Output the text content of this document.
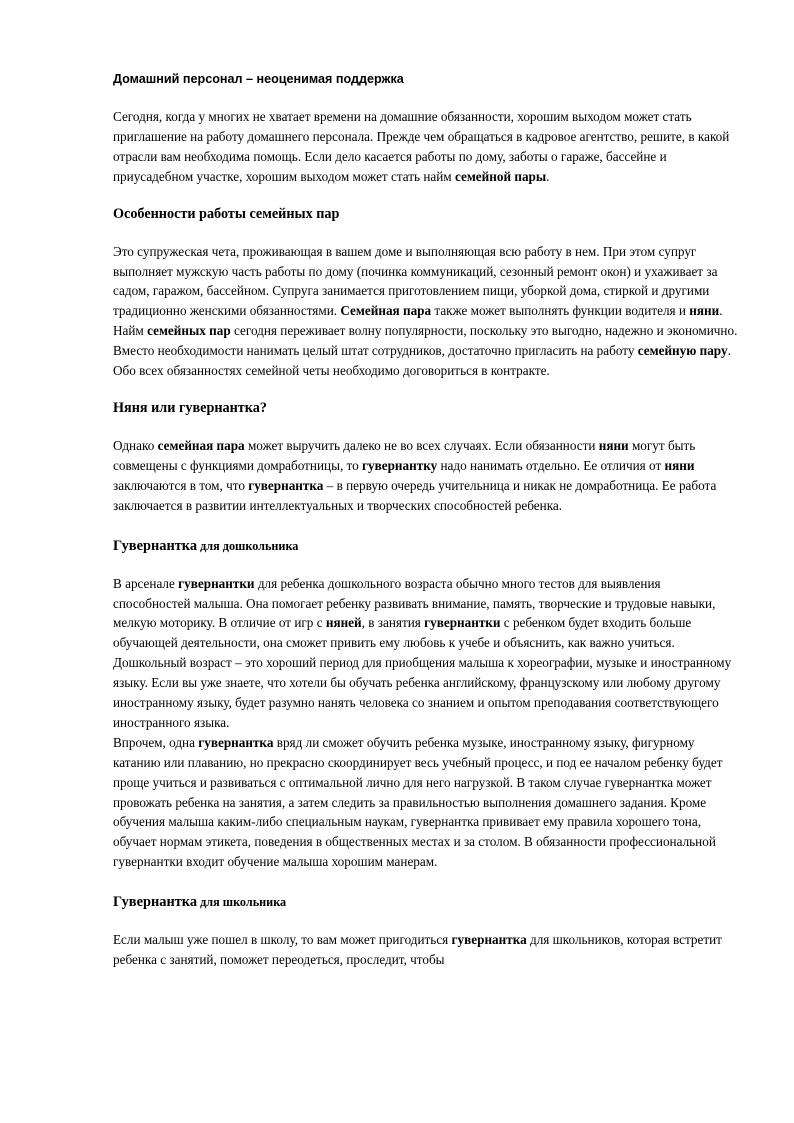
Домашний персонал – неоценимая поддержка

Сегодня, когда у многих не хватает времени на домашние обязанности, хорошим выходом может стать приглашение на работу домашнего персонала. Прежде чем обращаться в кадровое агентство, решите, в какой отрасли вам необходима помощь. Если дело касается работы по дому, заботы о гараже, бассейне и приусадебном участке, хорошим выходом может стать найм семейной пары.

Особенности работы семейных пар

Это супружеская чета, проживающая в вашем доме и выполняющая всю работу в нем. При этом супруг выполняет мужскую часть работы по дому (починка коммуникаций, сезонный ремонт окон) и ухаживает за садом, гаражом, бассейном. Супруга занимается приготовлением пищи, уборкой дома, стиркой и другими традиционно женскими обязанностями. Семейная пара также может выполнять функции водителя и няни. Найм семейных пар сегодня переживает волну популярности, поскольку это выгодно, надежно и экономично. Вместо необходимости нанимать целый штат сотрудников, достаточно пригласить на работу семейную пару. Обо всех обязанностях семейной четы необходимо договориться в контракте.

Няня или гувернантка?

Однако семейная пара может выручить далеко не во всех случаях. Если обязанности няни могут быть совмещены с функциями домработницы, то гувернантку надо нанимать отдельно. Ее отличия от няни заключаются в том, что гувернантка – в первую очередь учительница и никак не домработница. Ее работа заключается в развитии интеллектуальных и творческих способностей ребенка.

Гувернантка для дошкольника

В арсенале гувернантки для ребенка дошкольного возраста обычно много тестов для выявления способностей малыша. Она помогает ребенку развивать внимание, память, творческие и трудовые навыки, мелкую моторику. В отличие от игр с няней, в занятия гувернантки с ребенком будет входить больше обучающей деятельности, она сможет привить ему любовь к учебе и объяснить, как важно учиться. Дошкольный возраст – это хороший период для приобщения малыша к хореографии, музыке и иностранному языку. Если вы уже знаете, что хотели бы обучать ребенка английскому, французскому или любому другому иностранному языку, будет разумно нанять человека со знанием и опытом преподавания соответствующего иностранного языка.

Впрочем, одна гувернантка вряд ли сможет обучить ребенка музыке, иностранному языку, фигурному катанию или плаванию, но прекрасно скоординирует весь учебный процесс, и под ее началом ребенку будет проще учиться и развиваться с оптимальной лично для него нагрузкой. В таком случае гувернантка может провожать ребенка на занятия, а затем следить за правильностью выполнения домашнего задания. Кроме обучения малыша каким-либо специальным наукам, гувернантка прививает ему правила хорошего тона, обучает нормам этикета, поведения в общественных местах и за столом. В обязанности профессиональной гувернантки входит обучение малыша хорошим манерам.

Гувернантка для школьника

Если малыш уже пошел в школу, то вам может пригодиться гувернантка для школьников, которая встретит ребенка с занятий, поможет переодеться, проследит, чтобы
